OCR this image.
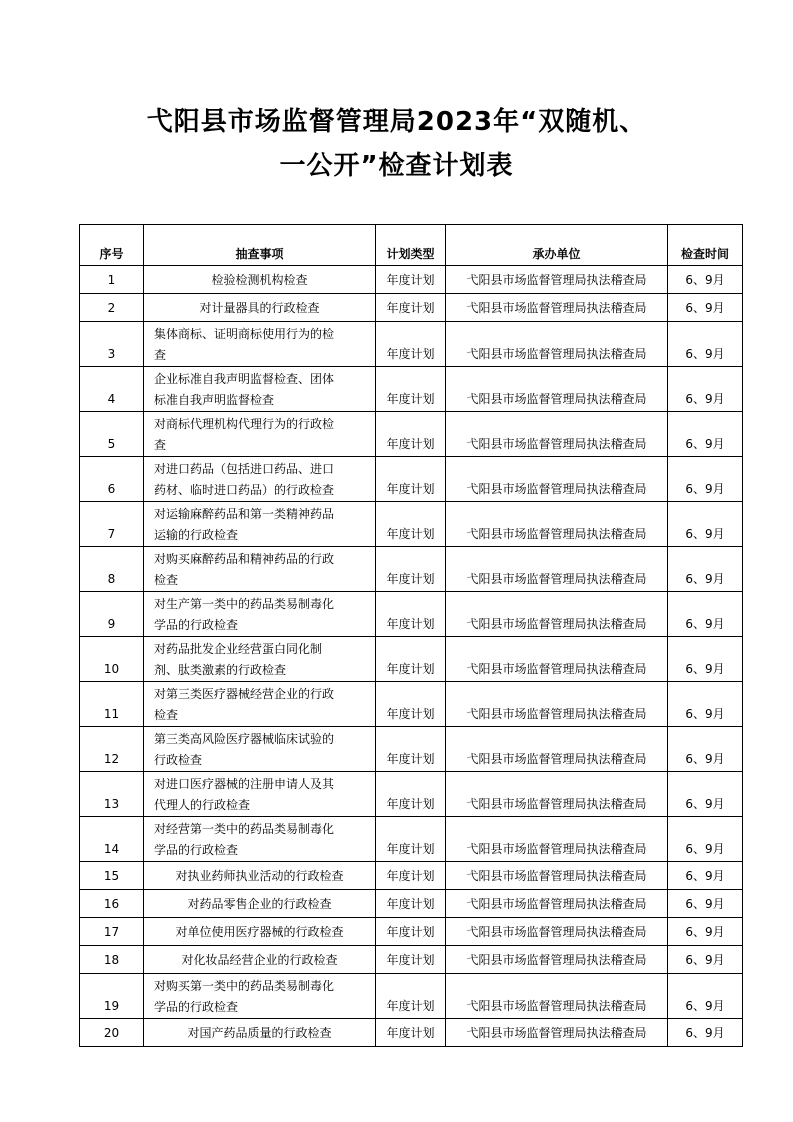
弋阳县市场监督管理局2023年“双随机、
一公开”检查计划表
序号	抽查事项	计划类型	承办单位	检查时间
1	检验检测机构检查	年度计划	弋阳县市场监督管理局执法稽查局	6、9月
2	对计量器具的行政检查	年度计划	弋阳县市场监督管理局执法稽查局	6、9月
3	集体商标、证明商标使用行为的检
查	年度计划	弋阳县市场监督管理局执法稽查局	6、9月
4	企业标准自我声明监督检查、团体
标准自我声明监督检查	年度计划	弋阳县市场监督管理局执法稽查局	6、9月
5	对商标代理机构代理行为的行政检
查	年度计划	弋阳县市场监督管理局执法稽查局	6、9月
6	对进口药品（包括进口药品、进口
药材、临时进口药品）的行政检查	年度计划	弋阳县市场监督管理局执法稽查局	6、9月
7	对运输麻醉药品和第一类精神药品
运输的行政检查	年度计划	弋阳县市场监督管理局执法稽查局	6、9月
8	对购买麻醉药品和精神药品的行政
检查	年度计划	弋阳县市场监督管理局执法稽查局	6、9月
9	对生产第一类中的药品类易制毒化
学品的行政检查	年度计划	弋阳县市场监督管理局执法稽查局	6、9月
10	对药品批发企业经营蛋白同化制
剂、肽类激素的行政检查	年度计划	弋阳县市场监督管理局执法稽查局	6、9月
11	对第三类医疗器械经营企业的行政
检查	年度计划	弋阳县市场监督管理局执法稽查局	6、9月
12	第三类高风险医疗器械临床试验的
行政检查	年度计划	弋阳县市场监督管理局执法稽查局	6、9月
13	对进口医疗器械的注册申请人及其
代理人的行政检查	年度计划	弋阳县市场监督管理局执法稽查局	6、9月
14	对经营第一类中的药品类易制毒化
学品的行政检查	年度计划	弋阳县市场监督管理局执法稽查局	6、9月
15	对执业药师执业活动的行政检查	年度计划	弋阳县市场监督管理局执法稽查局	6、9月
16	对药品零售企业的行政检查	年度计划	弋阳县市场监督管理局执法稽查局	6、9月
17	对单位使用医疗器械的行政检查	年度计划	弋阳县市场监督管理局执法稽查局	6、9月
18	对化妆品经营企业的行政检查	年度计划	弋阳县市场监督管理局执法稽查局	6、9月
19	对购买第一类中的药品类易制毒化
学品的行政检查	年度计划	弋阳县市场监督管理局执法稽查局	6、9月
20	对国产药品质量的行政检查	年度计划	弋阳县市场监督管理局执法稽查局	6、9月
